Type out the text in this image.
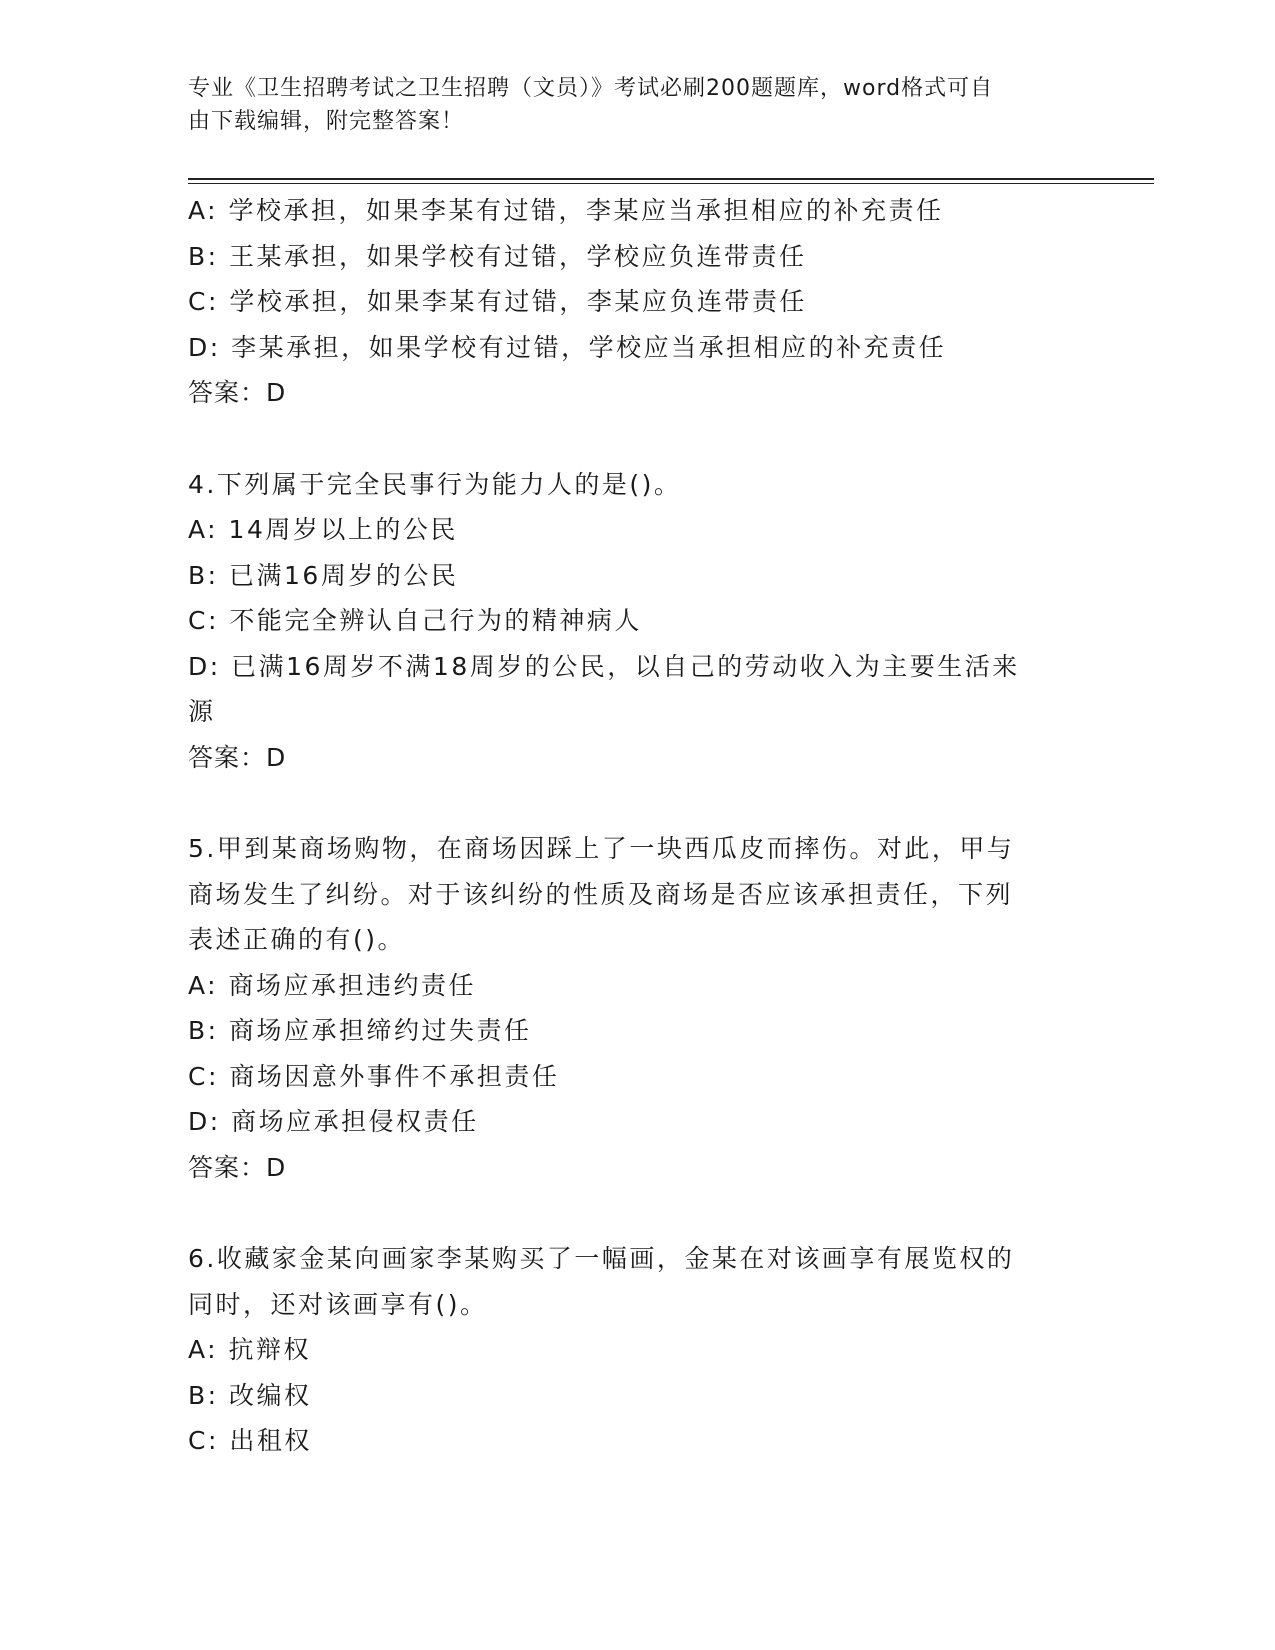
专业《卫生招聘考试之卫生招聘（文员）》考试必刷200题题库，word格式可自
由下载编辑，附完整答案！
A: 学校承担，如果李某有过错，李某应当承担相应的补充责任
B: 王某承担，如果学校有过错，学校应负连带责任
C: 学校承担，如果李某有过错，李某应负连带责任
D: 李某承担，如果学校有过错，学校应当承担相应的补充责任
答案：D
4.下列属于完全民事行为能力人的是()。
A: 14周岁以上的公民
B: 已满16周岁的公民
C: 不能完全辨认自己行为的精神病人
D: 已满16周岁不满18周岁的公民，以自己的劳动收入为主要生活来
源
答案：D
5.甲到某商场购物，在商场因踩上了一块西瓜皮而摔伤。对此，甲与
商场发生了纠纷。对于该纠纷的性质及商场是否应该承担责任，下列
表述正确的有()。
A: 商场应承担违约责任
B: 商场应承担缔约过失责任
C: 商场因意外事件不承担责任
D: 商场应承担侵权责任
答案：D
6.收藏家金某向画家李某购买了一幅画，金某在对该画享有展览权的
同时，还对该画享有()。
A: 抗辩权
B: 改编权
C: 出租权
